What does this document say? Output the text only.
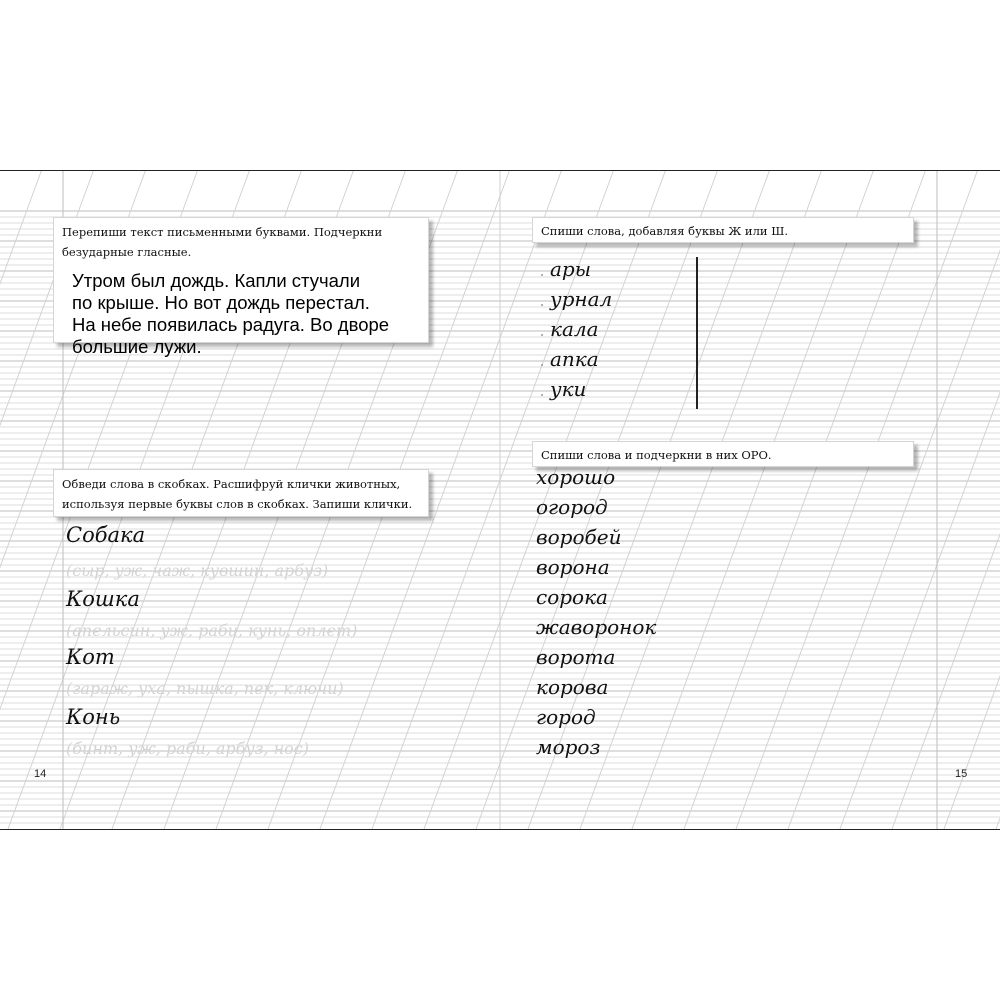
14	15

Перепиши текст письменными буквами. Подчеркни безударные гласные.

Утром был дождь. Капли стучали
по крыше. Но вот дождь перестал.
На небе появилась радуга. Во дворе
большие лужи.
Обведи слова в скобках. Расшифруй клички животных,
используя первые буквы слов в скобках. Запиши клички.
Собака
(сыр, уж, чаж, кувшин, арбуз)
Кошка
(апельсин, уж, раби, кунь, оплет)
Кот
(гараж, уха, пышка, пек, ключи)
Конь
(бинт, уж, раби, арбуз, нос)
Спиши слова, добавляя буквы Ж или Ш.
ары
урнал
кала
апка
уки
Спиши слова и подчеркни в них ОРО.
хорошо
огород
воробей
ворона
сорока
жаворонок
ворота
корова
город
мороз
